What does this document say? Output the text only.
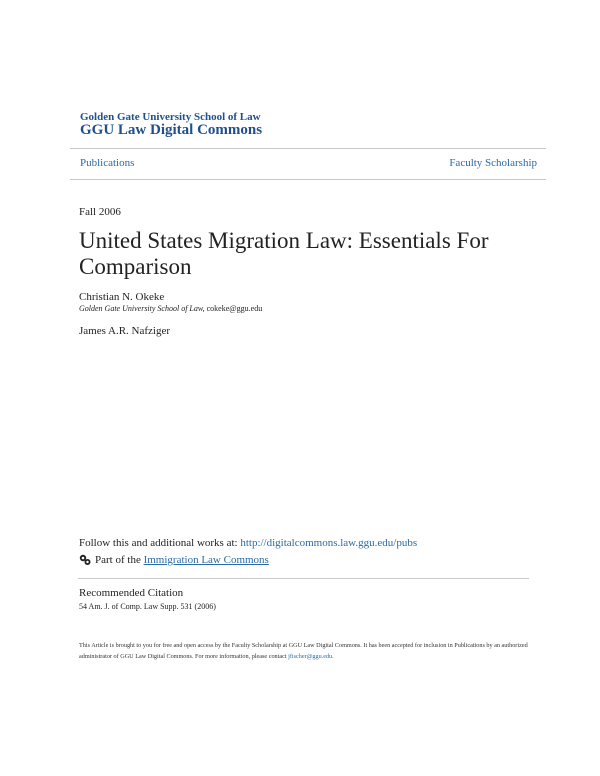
Golden Gate University School of Law
GGU Law Digital Commons
Publications	Faculty Scholarship
Fall 2006
United States Migration Law: Essentials For Comparison
Christian N. Okeke
Golden Gate University School of Law, cokeke@ggu.edu
James A.R. Nafziger
Follow this and additional works at: http://digitalcommons.law.ggu.edu/pubs
Part of the
Immigration Law Commons
Recommended Citation
54 Am. J. of Comp. Law Supp. 531 (2006)
This Article is brought to you for free and open access by the Faculty Scholarship at GGU Law Digital Commons. It has been accepted for inclusion in Publications by an authorized administrator of GGU Law Digital Commons. For more information, please contact jfischer@ggu.edu.
